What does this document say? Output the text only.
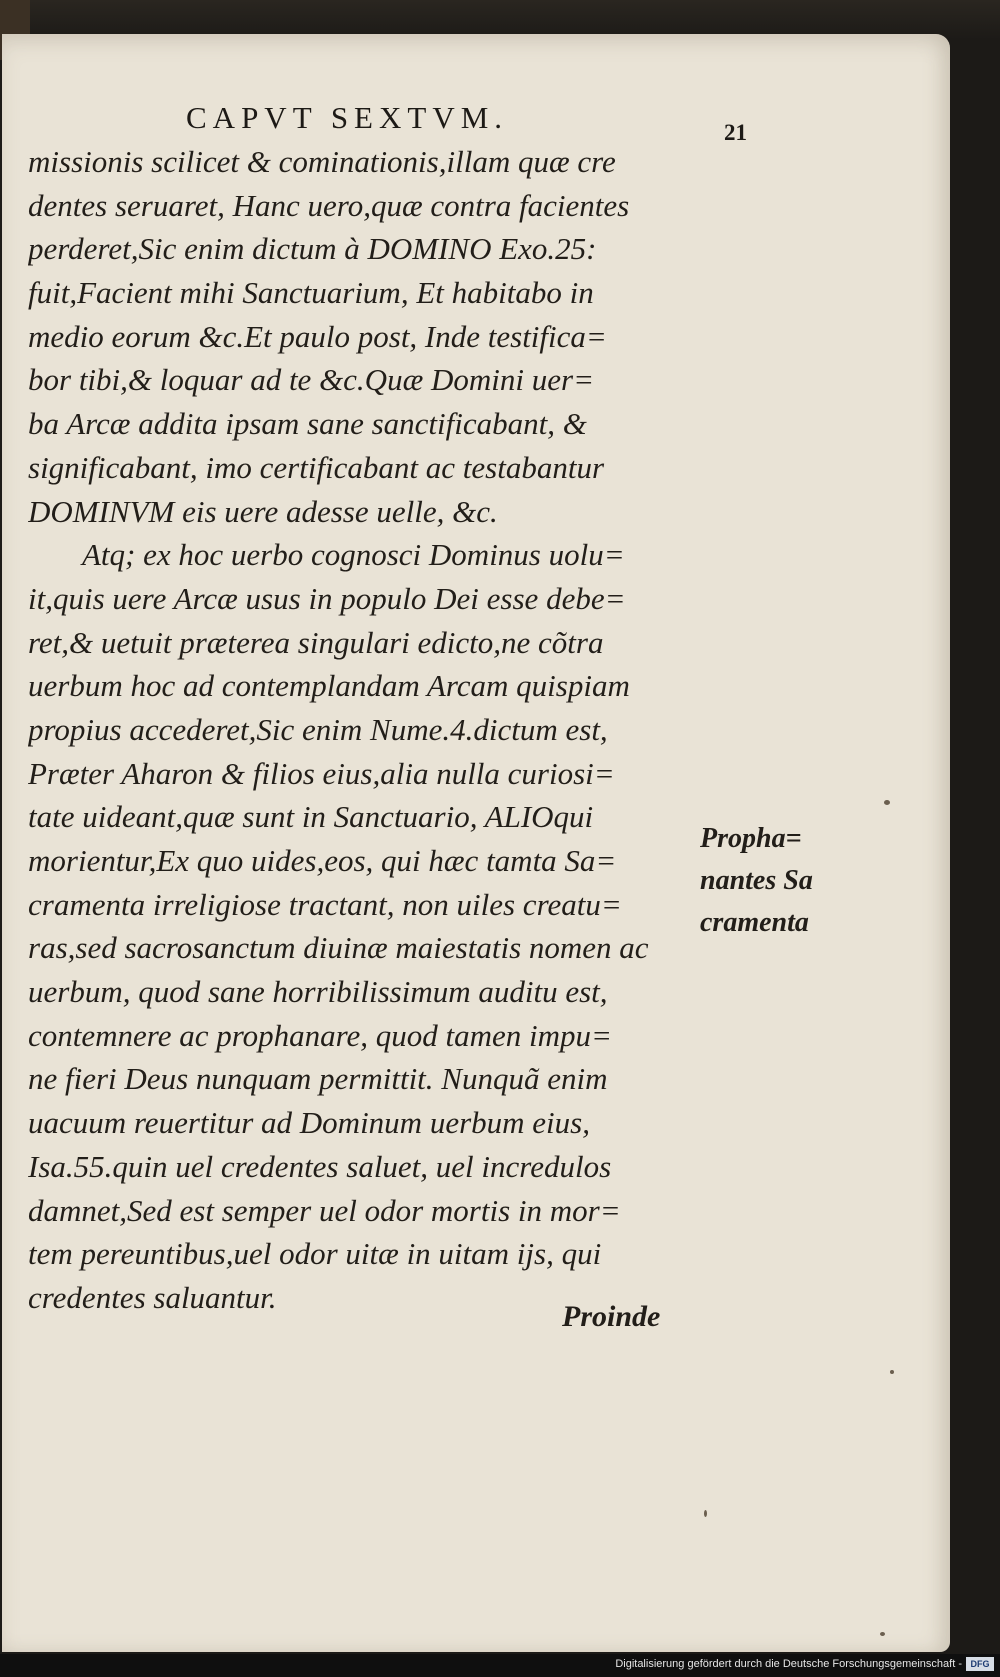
CAPVT SEXTVM.	21
missionis scilicet & cominationis,illam quæ cre
dentes seruaret, Hanc uero,quæ contra facientes
perderet,Sic enim dictum à DOMINO Exo.25:
fuit,Facient mihi Sanctuarium, Et habitabo in
medio eorum &c.Et paulo post, Inde testifica=
bor tibi,& loquar ad te &c.Quæ Domini uer=
ba Arcæ addita ipsam sane sanctificabant, &
significabant, imo certificabant ac testabantur
DOMINVM eis uere adesse uelle, &c.
Atq; ex hoc uerbo cognosci Dominus uolu=
it,quis uere Arcæ usus in populo Dei esse debe=
ret,& uetuit præterea singulari edicto,ne cõtra
uerbum hoc ad contemplandam Arcam quispiam
propius accederet,Sic enim Nume.4.dictum est,
Præter Aharon & filios eius,alia nulla curiosi=
tate uideant,quæ sunt in Sanctuario, ALIOqui
morientur,Ex quo uides,eos, qui hæc tamta Sa=
cramenta irreligiose tractant, non uiles creatu=
ras,sed sacrosanctum diuinæ maiestatis nomen ac
uerbum, quod sane horribilissimum auditu est,
contemnere ac prophanare, quod tamen impu=
ne fieri Deus nunquam permittit. Nunquã enim
uacuum reuertitur ad Dominum uerbum eius,
Isa.55.quin uel credentes saluet, uel incredulos
damnet,Sed est semper uel odor mortis in mor=
tem pereuntibus,uel odor uitæ in uitam ijs, qui
credentes saluantur.
Propha=
nantes Sa
cramenta
Proinde
Digitalisierung gefördert durch die Deutsche Forschungsgemeinschaft - DFG
